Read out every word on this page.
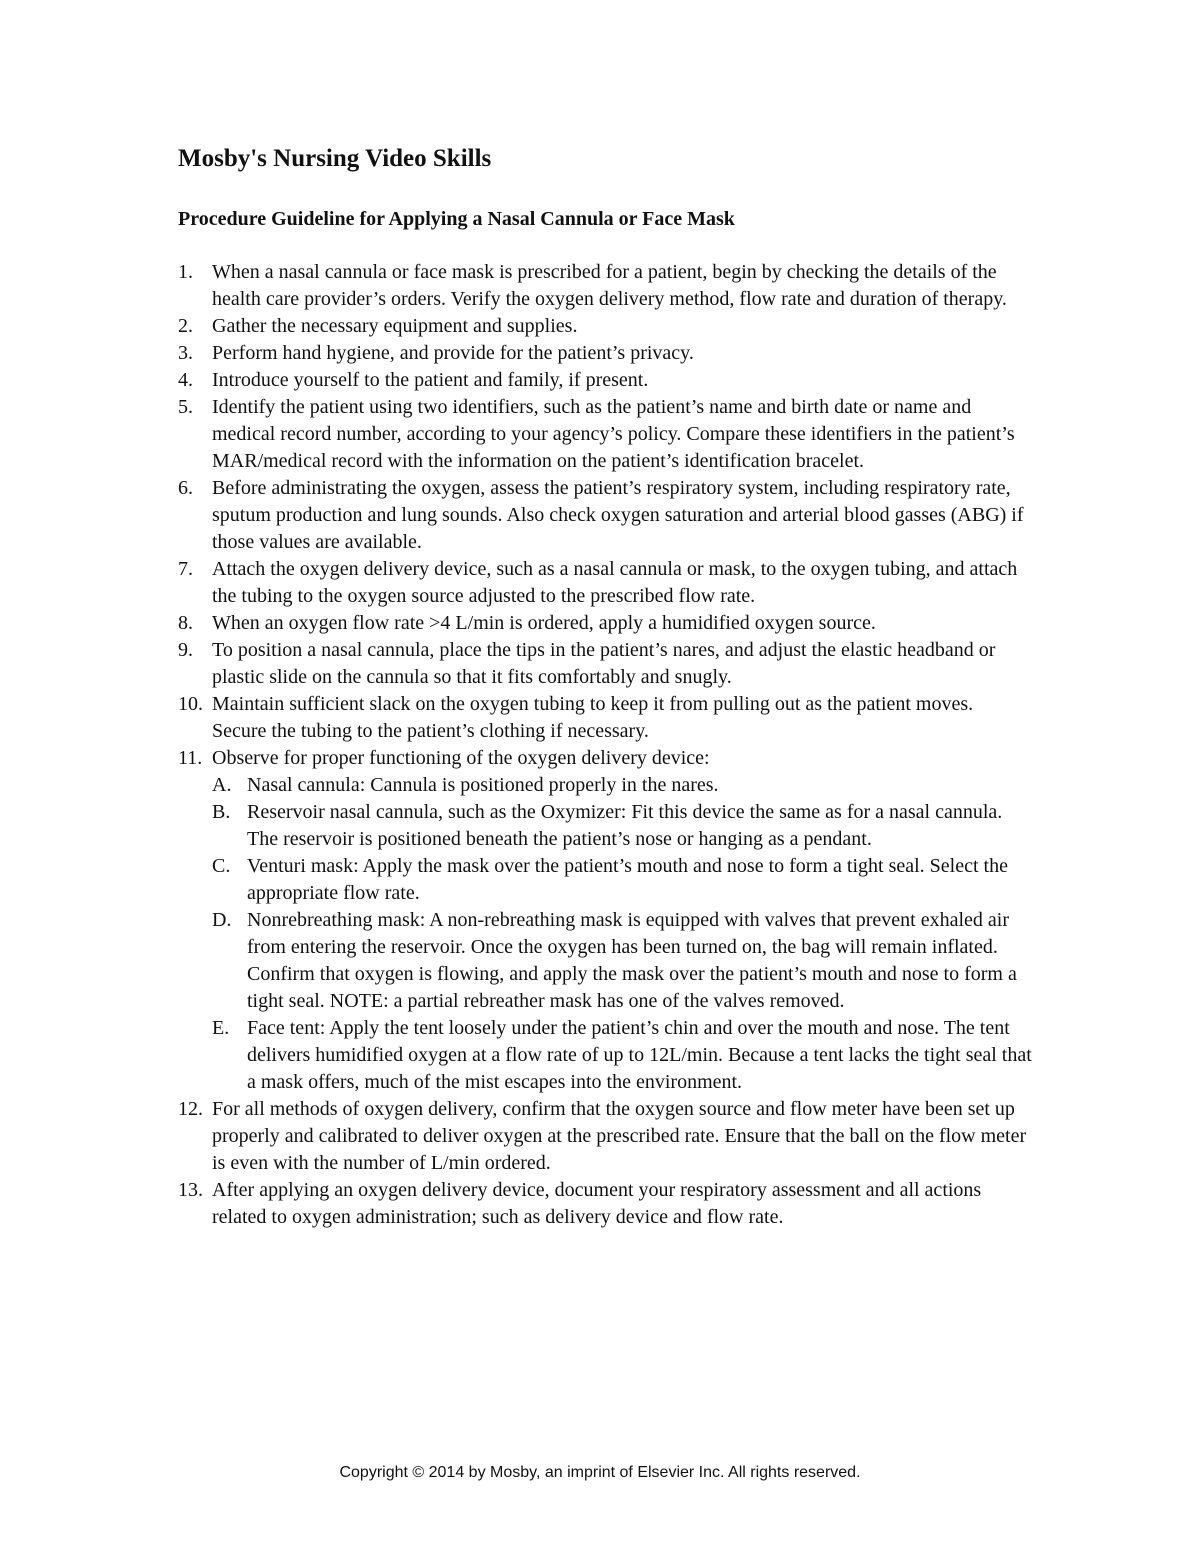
Mosby's Nursing Video Skills
Procedure Guideline for Applying a Nasal Cannula or Face Mask
1. When a nasal cannula or face mask is prescribed for a patient, begin by checking the details of the health care provider’s orders. Verify the oxygen delivery method, flow rate and duration of therapy.
2. Gather the necessary equipment and supplies.
3. Perform hand hygiene, and provide for the patient’s privacy.
4. Introduce yourself to the patient and family, if present.
5. Identify the patient using two identifiers, such as the patient’s name and birth date or name and medical record number, according to your agency’s policy. Compare these identifiers in the patient’s MAR/medical record with the information on the patient’s identification bracelet.
6. Before administrating the oxygen, assess the patient’s respiratory system, including respiratory rate, sputum production and lung sounds. Also check oxygen saturation and arterial blood gasses (ABG) if those values are available.
7. Attach the oxygen delivery device, such as a nasal cannula or mask, to the oxygen tubing, and attach the tubing to the oxygen source adjusted to the prescribed flow rate.
8. When an oxygen flow rate >4 L/min is ordered, apply a humidified oxygen source.
9. To position a nasal cannula, place the tips in the patient’s nares, and adjust the elastic headband or plastic slide on the cannula so that it fits comfortably and snugly.
10. Maintain sufficient slack on the oxygen tubing to keep it from pulling out as the patient moves. Secure the tubing to the patient’s clothing if necessary.
11. Observe for proper functioning of the oxygen delivery device:
A. Nasal cannula: Cannula is positioned properly in the nares.
B. Reservoir nasal cannula, such as the Oxymizer: Fit this device the same as for a nasal cannula. The reservoir is positioned beneath the patient’s nose or hanging as a pendant.
C. Venturi mask: Apply the mask over the patient’s mouth and nose to form a tight seal. Select the appropriate flow rate.
D. Nonrebreathing mask: A non-rebreathing mask is equipped with valves that prevent exhaled air from entering the reservoir. Once the oxygen has been turned on, the bag will remain inflated. Confirm that oxygen is flowing, and apply the mask over the patient’s mouth and nose to form a tight seal. NOTE: a partial rebreather mask has one of the valves removed.
E. Face tent: Apply the tent loosely under the patient’s chin and over the mouth and nose. The tent delivers humidified oxygen at a flow rate of up to 12L/min. Because a tent lacks the tight seal that a mask offers, much of the mist escapes into the environment.
12. For all methods of oxygen delivery, confirm that the oxygen source and flow meter have been set up properly and calibrated to deliver oxygen at the prescribed rate. Ensure that the ball on the flow meter is even with the number of L/min ordered.
13. After applying an oxygen delivery device, document your respiratory assessment and all actions related to oxygen administration; such as delivery device and flow rate.
Copyright © 2014 by Mosby, an imprint of Elsevier Inc. All rights reserved.
